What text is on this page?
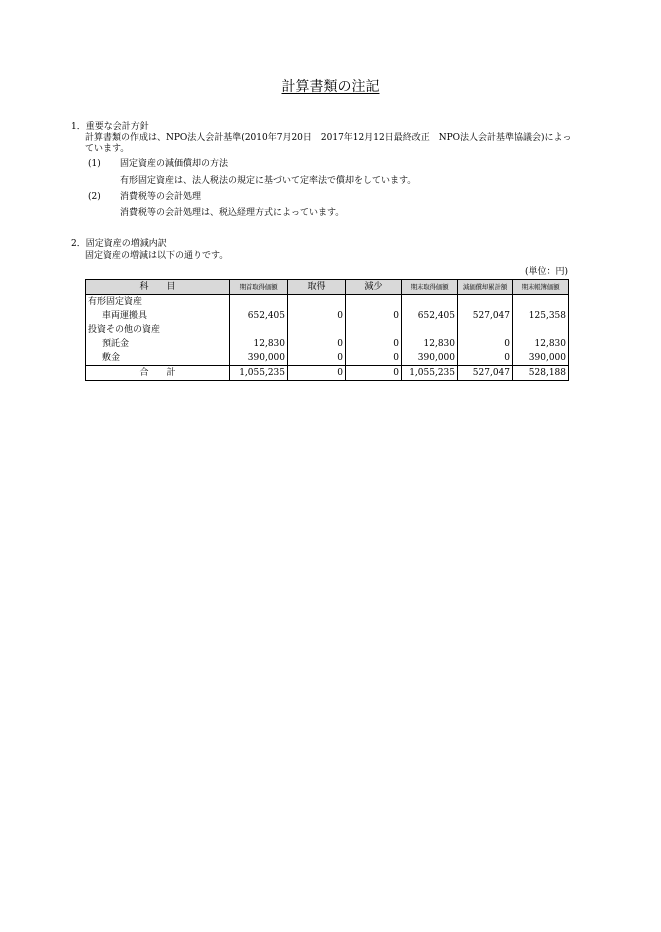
計算書類の注記
1．重要な会計方針
計算書類の作成は、NPO法人会計基準(2010年7月20日　2017年12月12日最終改正　NPO法人会計基準協議会)によっています。
(1) 固定資産の減価償却の方法
有形固定資産は、法人税法の規定に基づいて定率法で償却をしています。
(2) 消費税等の会計処理
消費税等の会計処理は、税込経理方式によっています。
2．固定資産の増減内訳
固定資産の増減は以下の通りです。
(単位：円)
科　　目	期首取得価額	取得	減少	期末取得価額	減価償却累計額	期末帳簿価額
有形固定資産						
車両運搬具	652,405	0	0	652,405	527,047	125,358
投資その他の資産						
預託金	12,830	0	0	12,830	0	12,830
敷金	390,000	0	0	390,000	0	390,000
合　　計	1,055,235	0	0	1,055,235	527,047	528,188
